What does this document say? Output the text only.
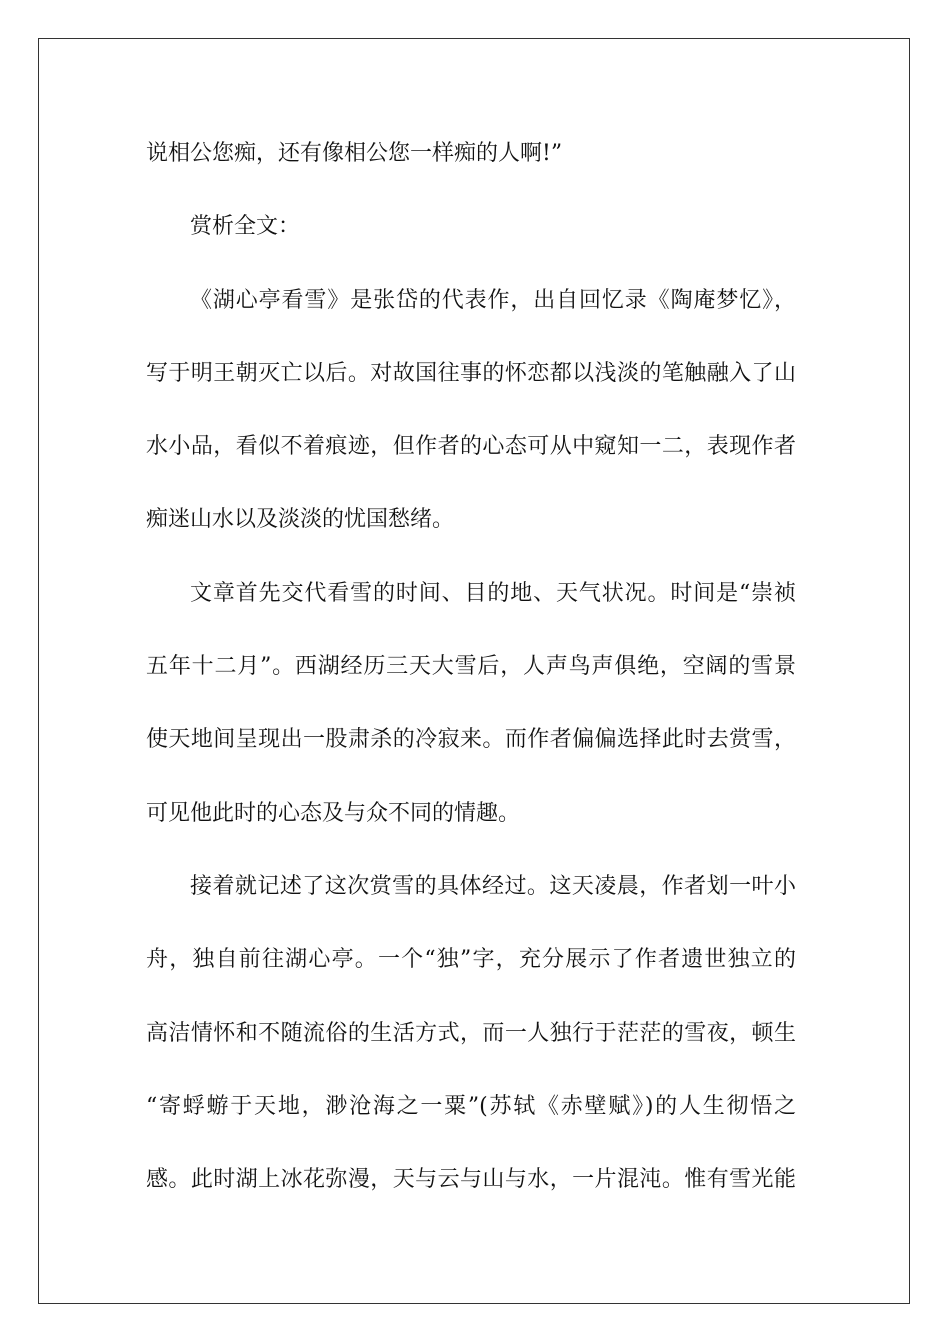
说相公您痴，还有像相公您一样痴的人啊!”
赏析全文：
《湖心亭看雪》是张岱的代表作，出自回忆录《陶庵梦忆》，
写于明王朝灭亡以后。对故国往事的怀恋都以浅淡的笔触融入了山
水小品，看似不着痕迹，但作者的心态可从中窥知一二，表现作者
痴迷山水以及淡淡的忧国愁绪。
文章首先交代看雪的时间、目的地、天气状况。时间是“崇祯
五年十二月”。西湖经历三天大雪后，人声鸟声俱绝，空阔的雪景
使天地间呈现出一股肃杀的冷寂来。而作者偏偏选择此时去赏雪，
可见他此时的心态及与众不同的情趣。
接着就记述了这次赏雪的具体经过。这天凌晨，作者划一叶小
舟，独自前往湖心亭。一个“独”字，充分展示了作者遗世独立的
高洁情怀和不随流俗的生活方式，而一人独行于茫茫的雪夜，顿生
“寄蜉蝣于天地，渺沧海之一粟”(苏轼《赤壁赋》)的人生彻悟之
感。此时湖上冰花弥漫，天与云与山与水，一片混沌。惟有雪光能
